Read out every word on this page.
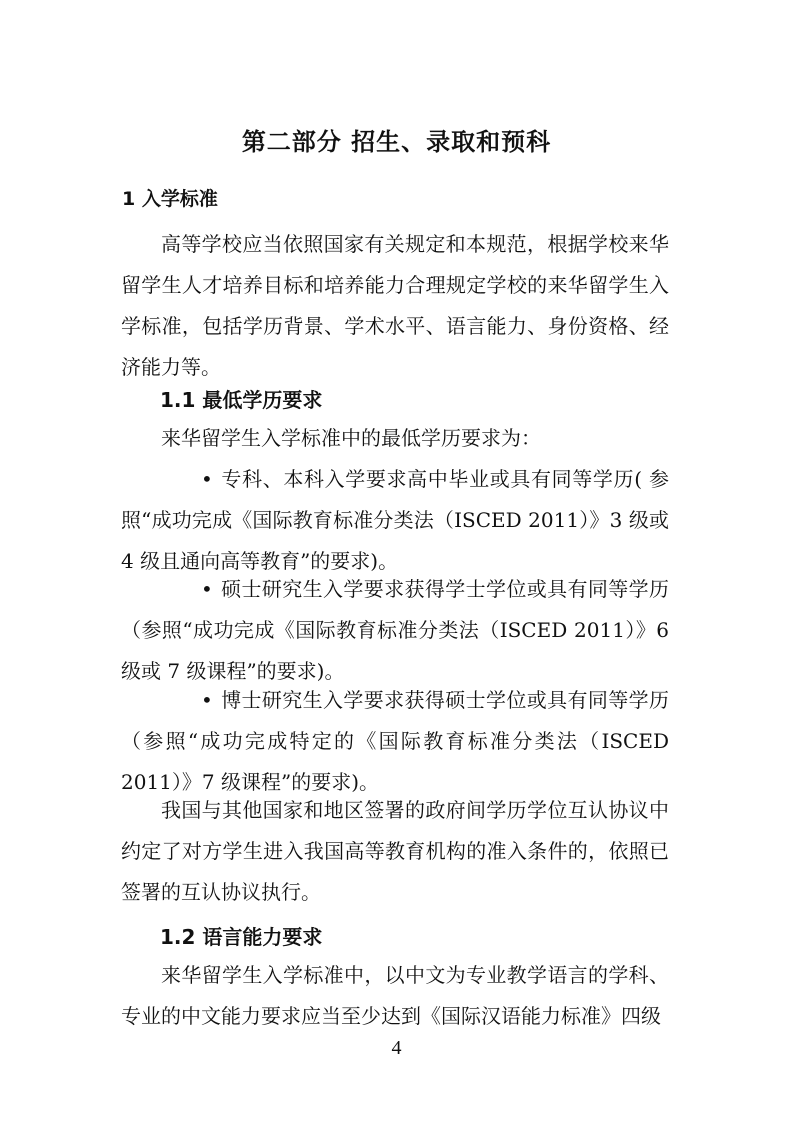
第二部分 招生、录取和预科
1 入学标准

高等学校应当依照国家有关规定和本规范，根据学校来华留学生人才培养目标和培养能力合理规定学校的来华留学生入学标准，包括学历背景、学术水平、语言能力、身份资格、经济能力等。

1.1 最低学历要求

来华留学生入学标准中的最低学历要求为：

• 专科、本科入学要求高中毕业或具有同等学历( 参照“成功完成《国际教育标准分类法（ISCED 2011）》3 级或 4 级且通向高等教育”的要求)。

• 硕士研究生入学要求获得学士学位或具有同等学历（参照“成功完成《国际教育标准分类法（ISCED 2011）》6 级或 7 级课程”的要求)。

• 博士研究生入学要求获得硕士学位或具有同等学历（参照“成功完成特定的《国际教育标准分类法（ISCED 2011）》7 级课程”的要求)。

我国与其他国家和地区签署的政府间学历学位互认协议中约定了对方学生进入我国高等教育机构的准入条件的，依照已签署的互认协议执行。

1.2 语言能力要求

来华留学生入学标准中，以中文为专业教学语言的学科、专业的中文能力要求应当至少达到《国际汉语能力标准》四级

4
